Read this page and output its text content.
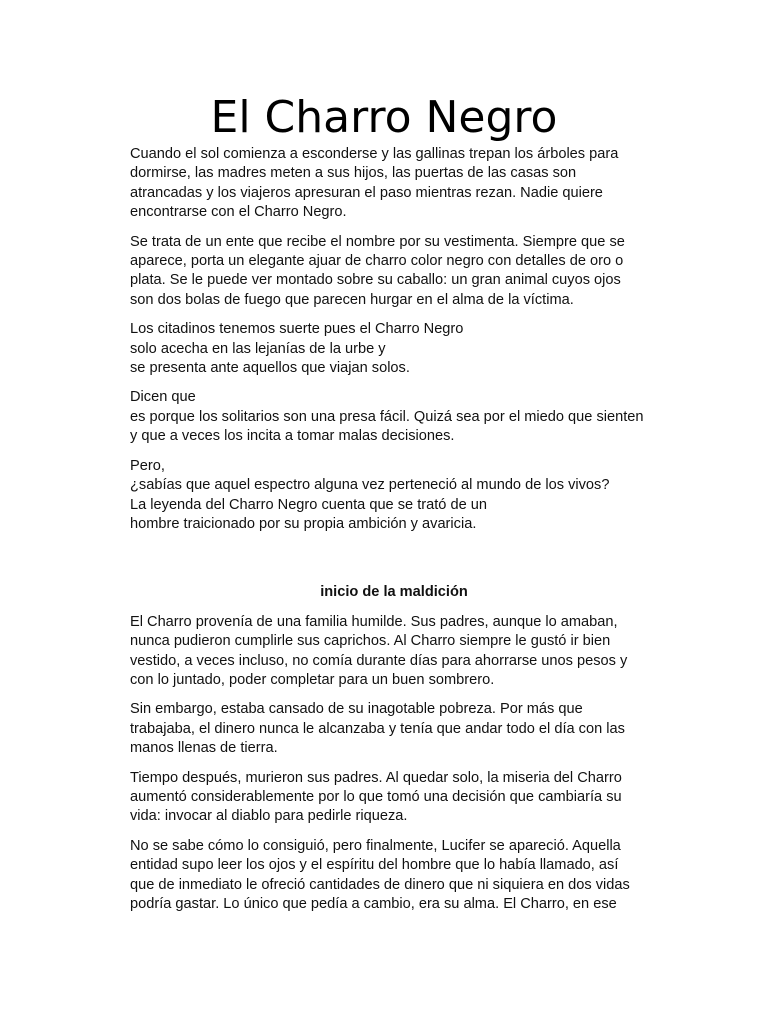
El Charro Negro

Cuando el sol comienza a esconderse y las gallinas trepan los árboles para
dormirse, las madres meten a sus hijos, las puertas de las casas son
atrancadas y los viajeros apresuran el paso mientras rezan. Nadie quiere
encontrarse con el Charro Negro.

Se trata de un ente que recibe el nombre por su vestimenta. Siempre que se
aparece, porta un elegante ajuar de charro color negro con detalles de oro o
plata. Se le puede ver montado sobre su caballo: un gran animal cuyos ojos
son dos bolas de fuego que parecen hurgar en el alma de la víctima.

Los citadinos tenemos suerte pues el Charro Negro
solo acecha en las lejanías de la urbe y
se presenta ante aquellos que viajan solos.

Dicen que
es porque los solitarios son una presa fácil. Quizá sea por el miedo que sienten
y que a veces los incita a tomar malas decisiones.

Pero,
¿sabías que aquel espectro alguna vez perteneció al mundo de los vivos?
La leyenda del Charro Negro cuenta que se trató de un
hombre traicionado por su propia ambición y avaricia.

inicio de la maldición

El Charro provenía de una familia humilde. Sus padres, aunque lo amaban,
nunca pudieron cumplirle sus caprichos. Al Charro siempre le gustó ir bien
vestido, a veces incluso, no comía durante días para ahorrarse unos pesos y
con lo juntado, poder completar para un buen sombrero.

Sin embargo, estaba cansado de su inagotable pobreza. Por más que
trabajaba, el dinero nunca le alcanzaba y tenía que andar todo el día con las
manos llenas de tierra.

Tiempo después, murieron sus padres. Al quedar solo, la miseria del Charro
aumentó considerablemente por lo que tomó una decisión que cambiaría su
vida: invocar al diablo para pedirle riqueza.

No se sabe cómo lo consiguió, pero finalmente, Lucifer se apareció. Aquella
entidad supo leer los ojos y el espíritu del hombre que lo había llamado, así
que de inmediato le ofreció cantidades de dinero que ni siquiera en dos vidas
podría gastar. Lo único que pedía a cambio, era su alma. El Charro, en ese
